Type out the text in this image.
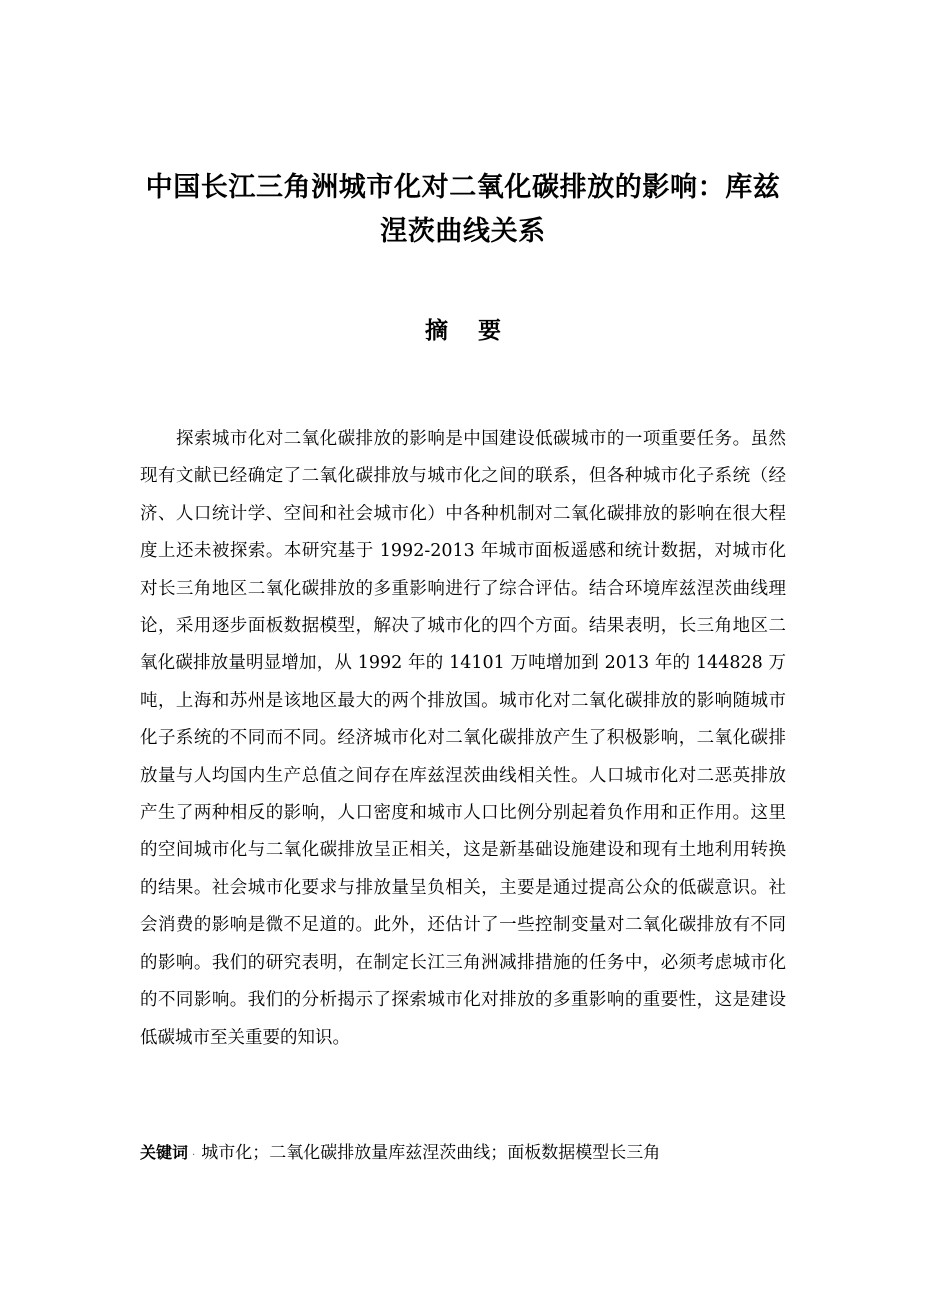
中国长江三角洲城市化对二氧化碳排放的影响：库兹涅茨曲线关系
摘要

探索城市化对二氧化碳排放的影响是中国建设低碳城市的一项重要任务。虽然现有文献已经确定了二氧化碳排放与城市化之间的联系，但各种城市化子系统（经济、人口统计学、空间和社会城市化）中各种机制对二氧化碳排放的影响在很大程度上还未被探索。本研究基于 1992-2013 年城市面板遥感和统计数据，对城市化对长三角地区二氧化碳排放的多重影响进行了综合评估。结合环境库兹涅茨曲线理论，采用逐步面板数据模型，解决了城市化的四个方面。结果表明，长三角地区二氧化碳排放量明显增加，从 1992 年的 14101 万吨增加到 2013 年的 144828 万吨，上海和苏州是该地区最大的两个排放国。城市化对二氧化碳排放的影响随城市化子系统的不同而不同。经济城市化对二氧化碳排放产生了积极影响，二氧化碳排放量与人均国内生产总值之间存在库兹涅茨曲线相关性。人口城市化对二恶英排放产生了两种相反的影响，人口密度和城市人口比例分别起着负作用和正作用。这里的空间城市化与二氧化碳排放呈正相关，这是新基础设施建设和现有土地利用转换的结果。社会城市化要求与排放量呈负相关，主要是通过提高公众的低碳意识。社会消费的影响是微不足道的。此外，还估计了一些控制变量对二氧化碳排放有不同的影响。我们的研究表明，在制定长江三角洲减排措施的任务中，必须考虑城市化的不同影响。我们的分析揭示了探索城市化对排放的多重影响的重要性，这是建设低碳城市至关重要的知识。

关键词 . 城市化；二氧化碳排放量库兹涅茨曲线；面板数据模型长三角
